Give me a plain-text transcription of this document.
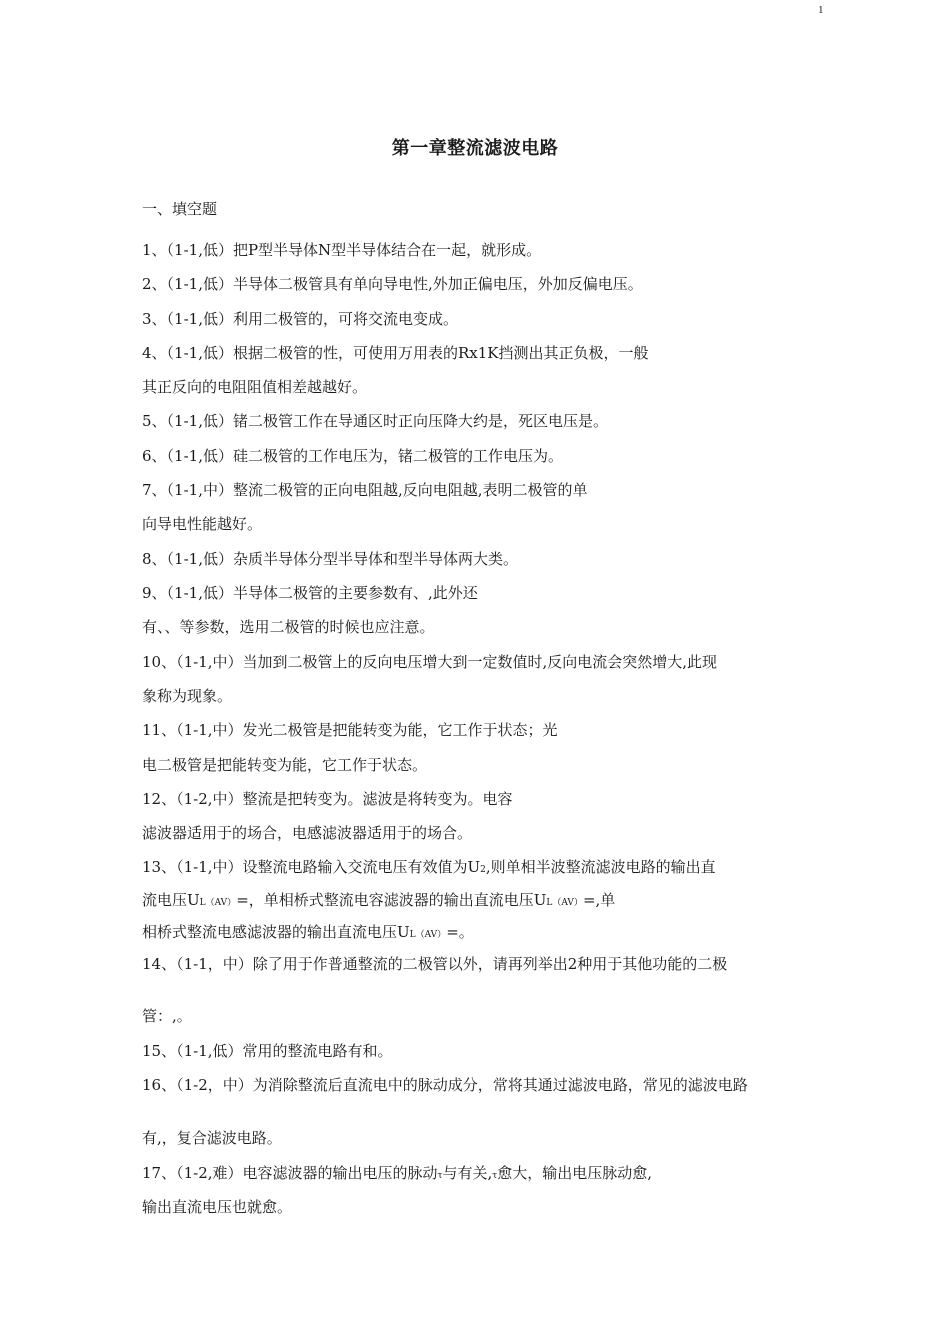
1
第一章整流滤波电路
一、填空题
1、（1-1,低）把P型半导体N型半导体结合在一起，就形成。
2、（1-1,低）半导体二极管具有单向导电性,外加正偏电压，外加反偏电压。
3、（1-1,低）利用二极管的，可将交流电变成。
4、（1-1,低）根据二极管的性，可使用万用表的Rx1K挡测出其正负极，一般
其正反向的电阻阻值相差越越好。
5、（1-1,低）锗二极管工作在导通区时正向压降大约是，死区电压是。
6、（1-1,低）硅二极管的工作电压为，锗二极管的工作电压为。
7、（1-1,中）整流二极管的正向电阻越,反向电阻越,表明二极管的单
向导电性能越好。
8、（1-1,低）杂质半导体分型半导体和型半导体两大类。
9、（1-1,低）半导体二极管的主要参数有、,此外还
有、、等参数，选用二极管的时候也应注意。
10、（1-1,中）当加到二极管上的反向电压增大到一定数值时,反向电流会突然增大,此现
象称为现象。
11、（1-1,中）发光二极管是把能转变为能，它工作于状态；光
电二极管是把能转变为能，它工作于状态。
12、（1-2,中）整流是把转变为。滤波是将转变为。电容
滤波器适用于的场合，电感滤波器适用于的场合。
13、（1-1,中）设整流电路输入交流电压有效值为U2,则单相半波整流滤波电路的输出直
流电压UL（AV）=，单相桥式整流电容滤波器的输出直流电压UL（AV）=,单
相桥式整流电感滤波器的输出直流电压UL（AV）=。
14、（1-1，中）除了用于作普通整流的二极管以外，请再列举出2种用于其他功能的二极
管：,。
15、（1-1,低）常用的整流电路有和。
16、（1-2，中）为消除整流后直流电中的脉动成分，常将其通过滤波电路，常见的滤波电路
有,，复合滤波电路。
17、（1-2,难）电容滤波器的输出电压的脉动τ与有关,τ愈大，输出电压脉动愈,
输出直流电压也就愈。
